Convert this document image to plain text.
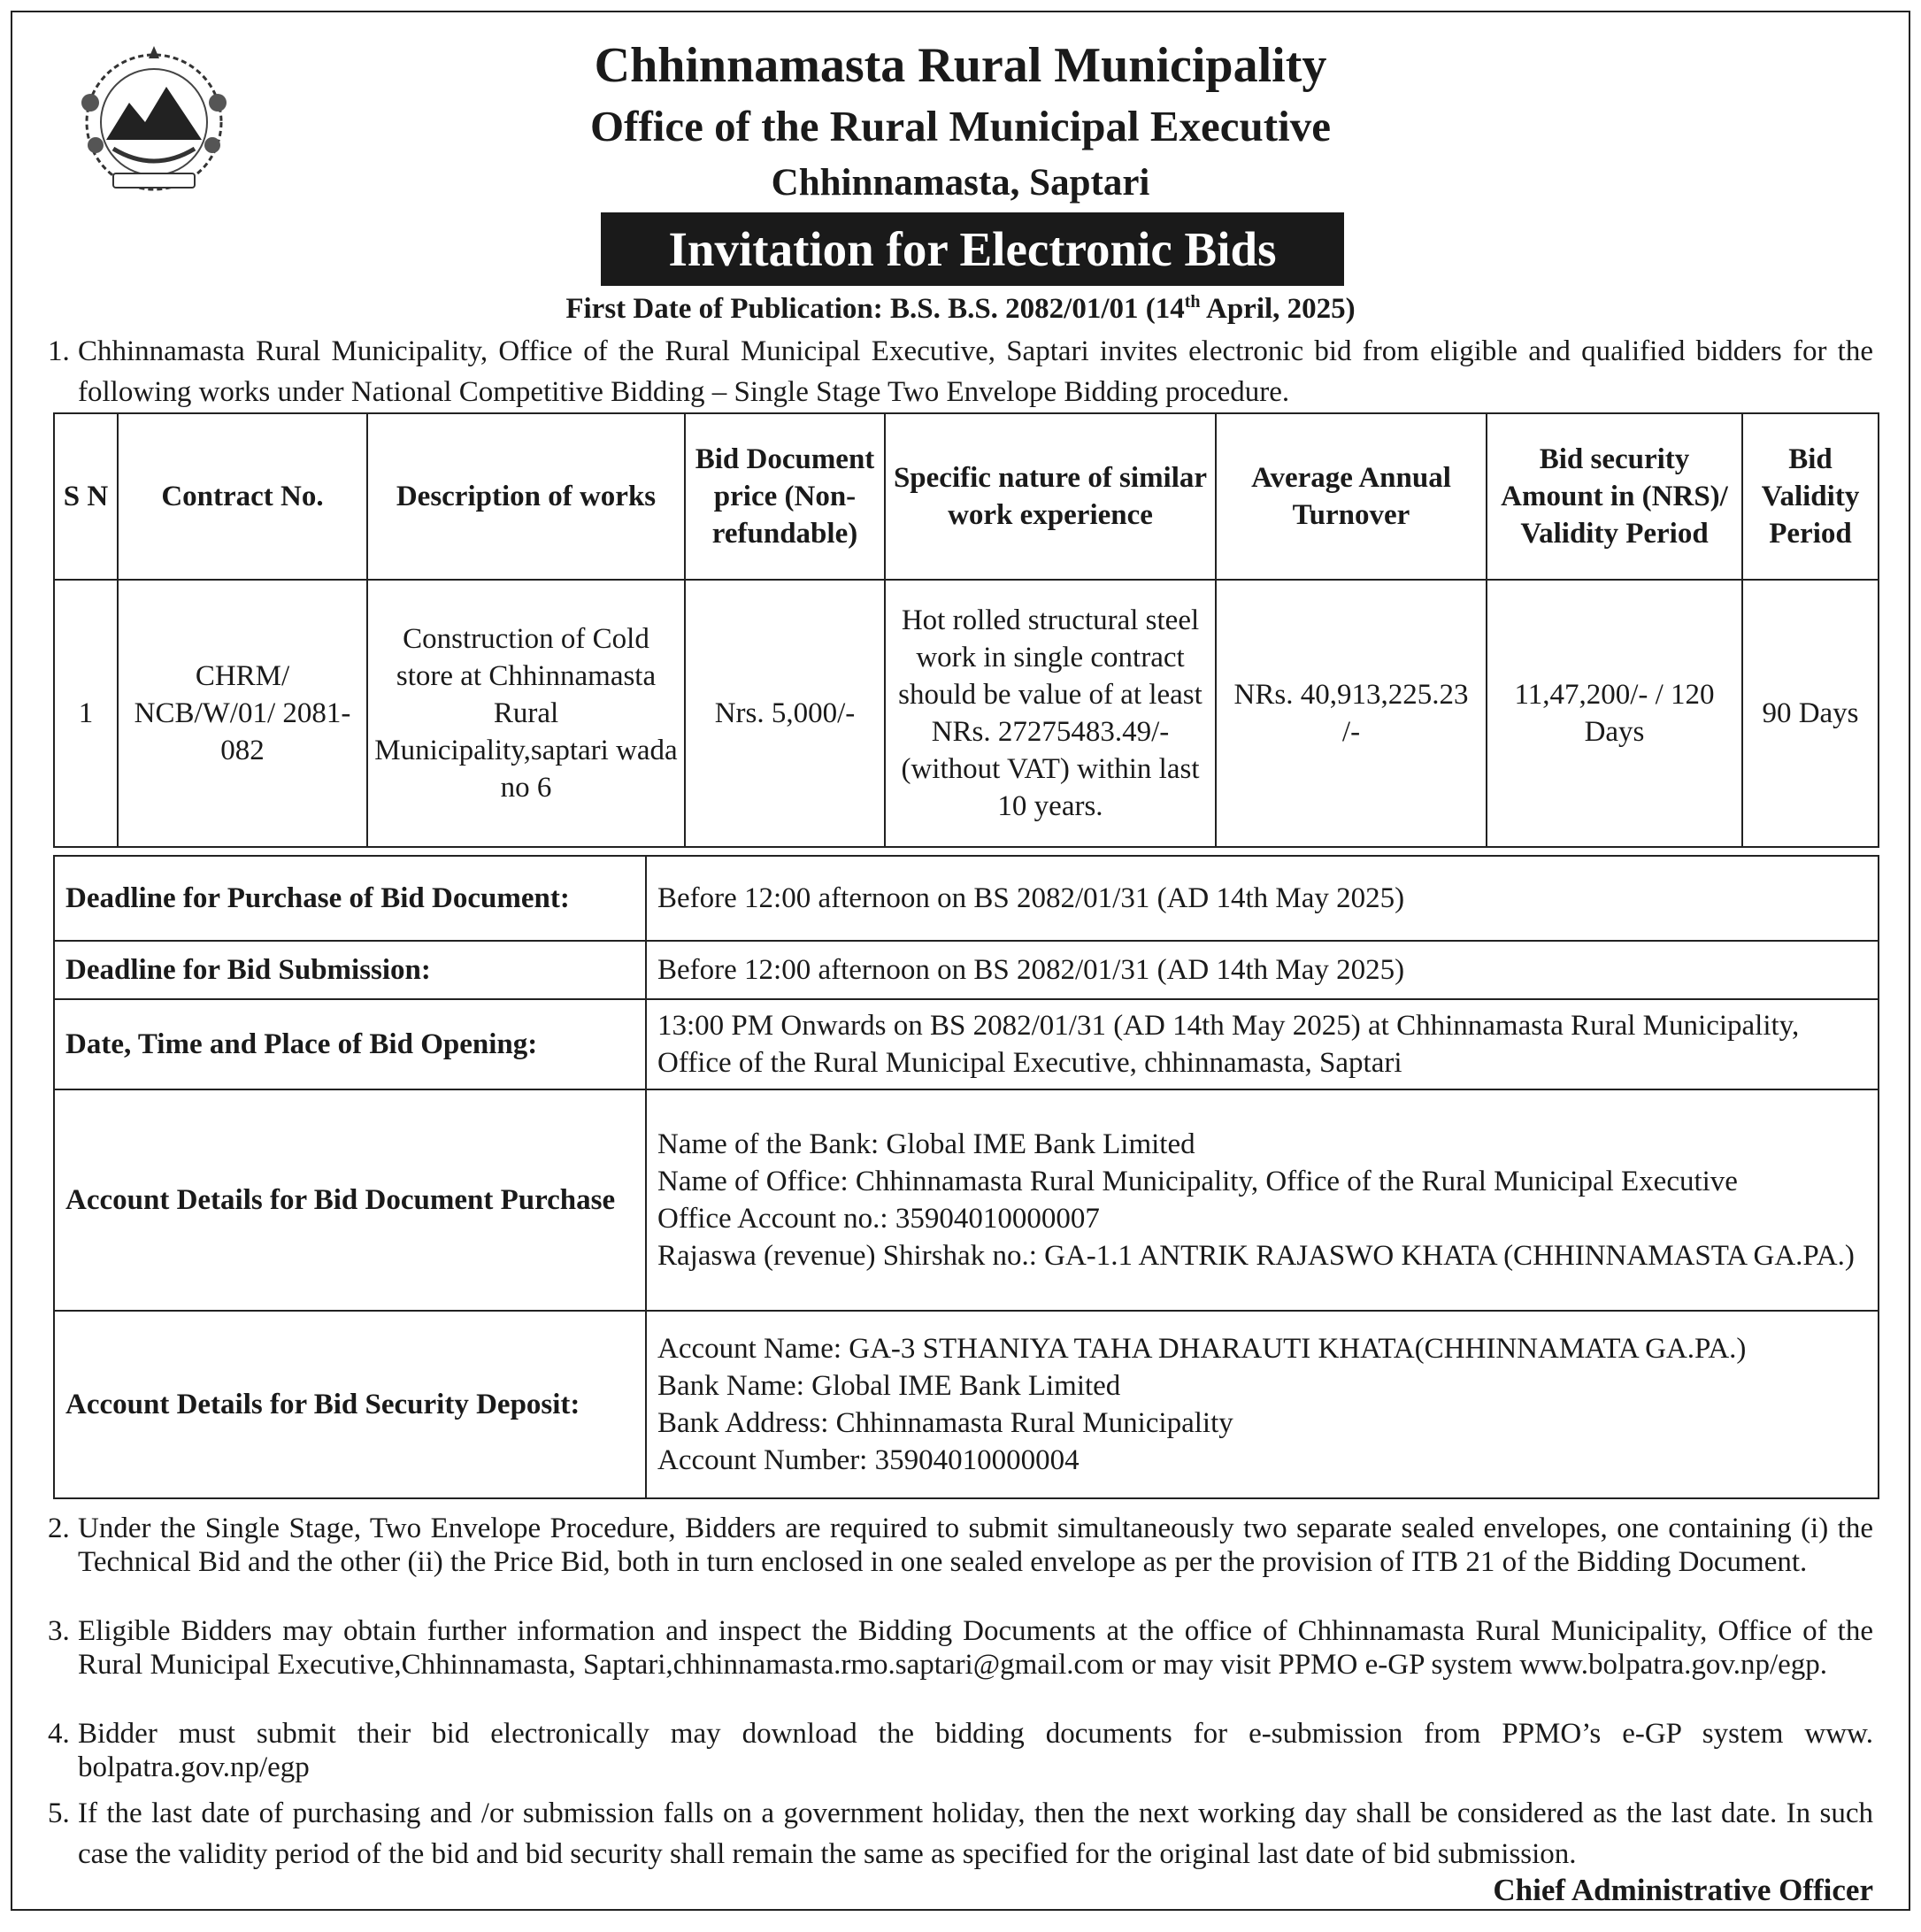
Chhinnamasta Rural Municipality
Office of the Rural Municipal Executive
Chhinnamasta, Saptari
Invitation for Electronic Bids
First Date of Publication: B.S. B.S. 2082/01/01 (14th April, 2025)
1. Chhinnamasta Rural Municipality, Office of the Rural Municipal Executive, Saptari invites electronic bid from eligible and qualified bidders for the following works under National Competitive Bidding – Single Stage Two Envelope Bidding procedure.
S N	Contract No.	Description of works	Bid Document price (Non-refundable)	Specific nature of similar work experience	Average Annual Turnover	Bid security Amount in (NRS)/ Validity Period	Bid Validity Period
1	CHRM/ NCB/W/01/ 2081-082	Construction of Cold store at Chhinnamasta Rural Municipality,saptari wada no 6	Nrs. 5,000/-	Hot rolled structural steel work in single contract should be value of at least NRs. 27275483.49/- (without VAT) within last 10 years.	NRs. 40,913,225.23 /-	11,47,200/- / 120 Days	90 Days
Deadline for Purchase of Bid Document:	Before 12:00 afternoon on BS 2082/01/31 (AD 14th May 2025)
Deadline for Bid Submission:	Before 12:00 afternoon on BS 2082/01/31 (AD 14th May 2025)
Date, Time and Place of Bid Opening:	13:00 PM Onwards on BS 2082/01/31 (AD 14th May 2025) at Chhinnamasta Rural Municipality, Office of the Rural Municipal Executive, chhinnamasta, Saptari
Account Details for Bid Document Purchase	Name of the Bank: Global IME Bank Limited
Name of Office: Chhinnamasta Rural Municipality, Office of the Rural Municipal Executive
Office Account no.: 35904010000007
Rajaswa (revenue) Shirshak no.: GA-1.1 ANTRIK RAJASWO KHATA (CHHINNAMASTA GA.PA.)

Account Details for Bid Security Deposit:	Account Name: GA-3 STHANIYA TAHA DHARAUTI KHATA(CHHINNAMATA GA.PA.)
Bank Name: Global IME Bank Limited
Bank Address: Chhinnamasta Rural Municipality
Account Number: 35904010000004
2. Under the Single Stage, Two Envelope Procedure, Bidders are required to submit simultaneously two separate sealed envelopes, one containing (i) the Technical Bid and the other (ii) the Price Bid, both in turn enclosed in one sealed envelope as per the provision of ITB 21 of the Bidding Document.
3. Eligible Bidders may obtain further information and inspect the Bidding Documents at the office of Chhinnamasta Rural Municipality, Office of the Rural Municipal Executive,Chhinnamasta, Saptari,chhinnamasta.rmo.saptari@gmail.com or may visit PPMO e-GP system www.bolpatra.gov.np/egp.
4. Bidder must submit their bid electronically may download the bidding documents for e-submission from PPMO’s e-GP system www. bolpatra.gov.np/egp
5. If the last date of purchasing and /or submission falls on a government holiday, then the next working day shall be considered as the last date. In such case the validity period of the bid and bid security shall remain the same as specified for the original last date of bid submission.
Chief Administrative Officer
